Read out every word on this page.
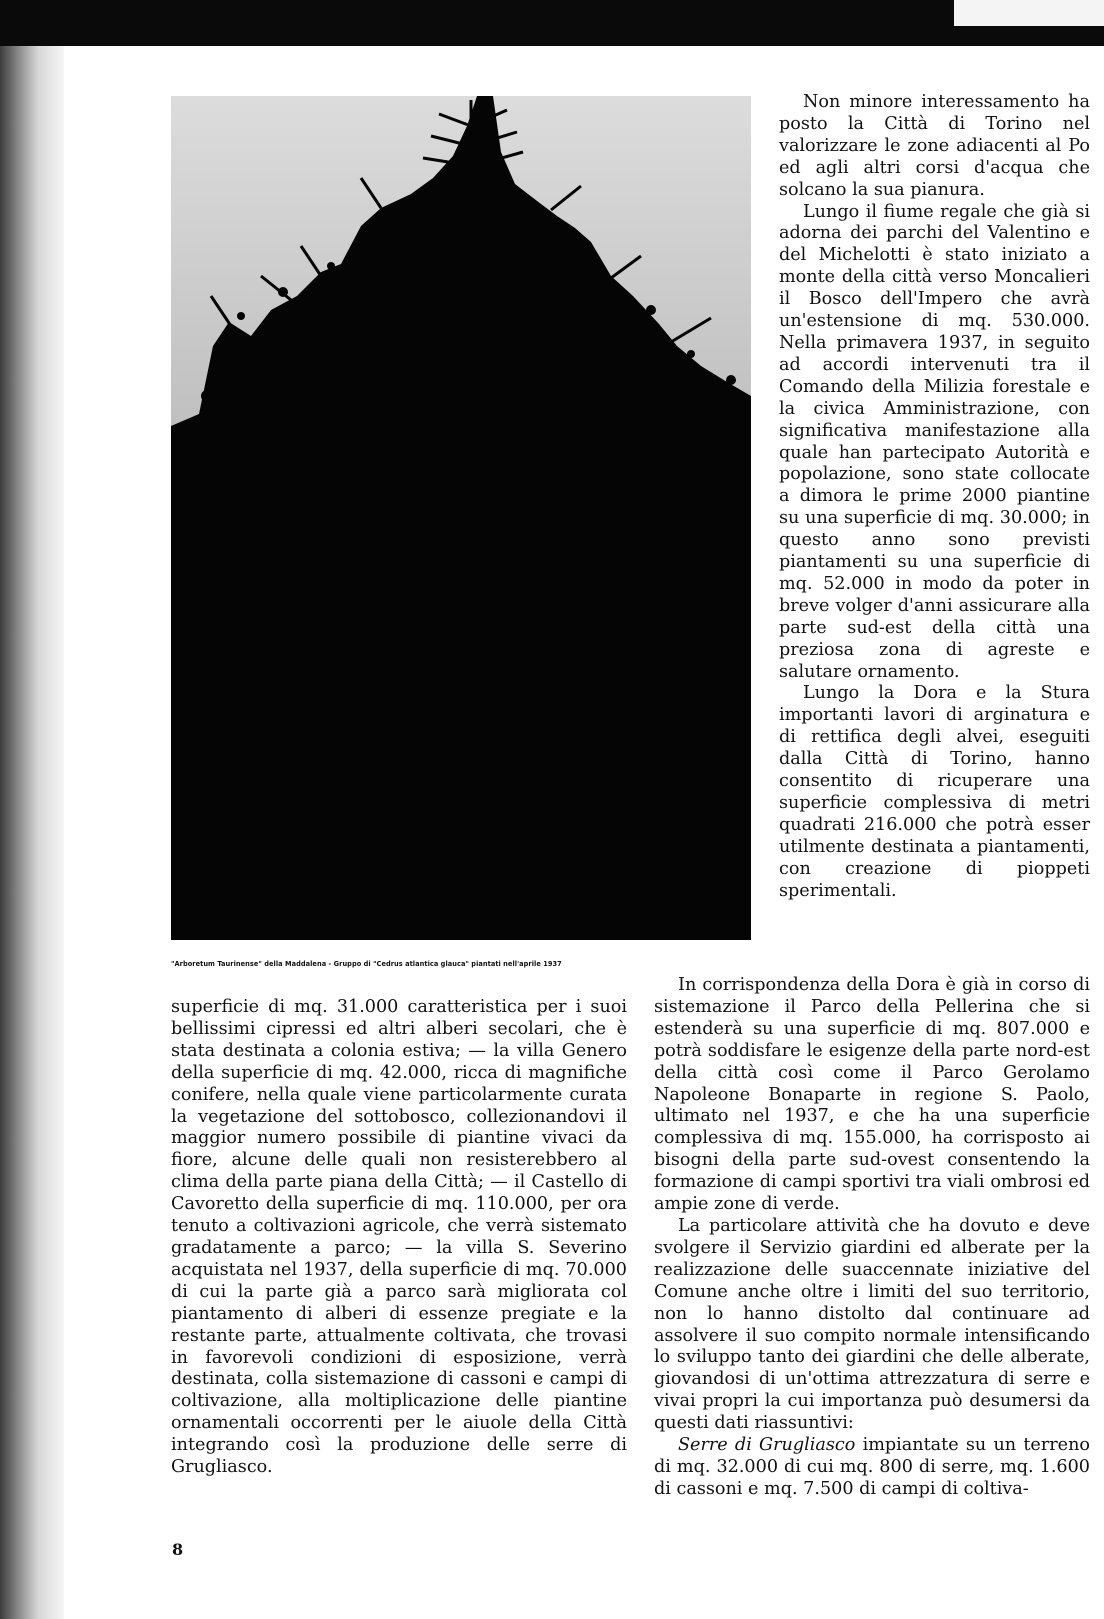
"Arboretum Taurinense" della Maddalena - Gruppo di "Cedrus atlantica glauca" piantati nell'aprile 1937

Non minore interessamento ha posto la Città di Torino nel valorizzare le zone adiacenti al Po ed agli altri corsi d'acqua che solcano la sua pianura.

Lungo il fiume regale che già si adorna dei parchi del Valentino e del Michelotti è stato iniziato a monte della città verso Moncalieri il Bosco dell'Impero che avrà un'estensione di mq. 530.000. Nella primavera 1937, in seguito ad accordi intervenuti tra il Comando della Milizia forestale e la civica Amministrazione, con significativa manifestazione alla quale han partecipato Autorità e popolazione, sono state collocate a dimora le prime 2000 piantine su una superficie di mq. 30.000; in questo anno sono previsti piantamenti su una superficie di mq. 52.000 in modo da poter in breve volger d'anni assicurare alla parte sud-est della città una preziosa zona di agreste e salutare ornamento.

Lungo la Dora e la Stura importanti lavori di arginatura e di rettifica degli alvei, eseguiti dalla Città di Torino, hanno consentito di ricuperare una superficie complessiva di metri quadrati 216.000 che potrà esser utilmente destinata a piantamenti, con creazione di pioppeti sperimentali.

In corrispondenza della Dora è già in corso di sistemazione il Parco della Pellerina che si estenderà su una superficie di mq. 807.000 e potrà soddisfare le esigenze della parte nord-est della città così come il Parco Gerolamo Napoleone Bonaparte in regione S. Paolo, ultimato nel 1937, e che ha una superficie complessiva di mq. 155.000, ha corrisposto ai bisogni della parte sud-ovest consentendo la formazione di campi sportivi tra viali ombrosi ed ampie zone di verde.

La particolare attività che ha dovuto e deve svolgere il Servizio giardini ed alberate per la realizzazione delle suaccennate iniziative del Comune anche oltre i limiti del suo territorio, non lo hanno distolto dal continuare ad assolvere il suo compito normale intensificando lo sviluppo tanto dei giardini che delle alberate, giovandosi di un'ottima attrezzatura di serre e vivai propri la cui importanza può desumersi da questi dati riassuntivi:

Serre di Grugliasco impiantate su un terreno di mq. 32.000 di cui mq. 800 di serre, mq. 1.600 di cassoni e mq. 7.500 di campi di coltiva-

superficie di mq. 31.000 caratteristica per i suoi bellissimi cipressi ed altri alberi secolari, che è stata destinata a colonia estiva; — la villa Genero della superficie di mq. 42.000, ricca di magnifiche conifere, nella quale viene particolarmente curata la vegetazione del sottobosco, collezionandovi il maggior numero possibile di piantine vivaci da fiore, alcune delle quali non resisterebbero al clima della parte piana della Città; — il Castello di Cavoretto della superficie di mq. 110.000, per ora tenuto a coltivazioni agricole, che verrà sistemato gradatamente a parco; — la villa S. Severino acquistata nel 1937, della superficie di mq. 70.000 di cui la parte già a parco sarà migliorata col piantamento di alberi di essenze pregiate e la restante parte, attualmente coltivata, che trovasi in favorevoli condizioni di esposizione, verrà destinata, colla sistemazione di cassoni e campi di coltivazione, alla moltiplicazione delle piantine ornamentali occorrenti per le aiuole della Città integrando così la produzione delle serre di Grugliasco.

8
